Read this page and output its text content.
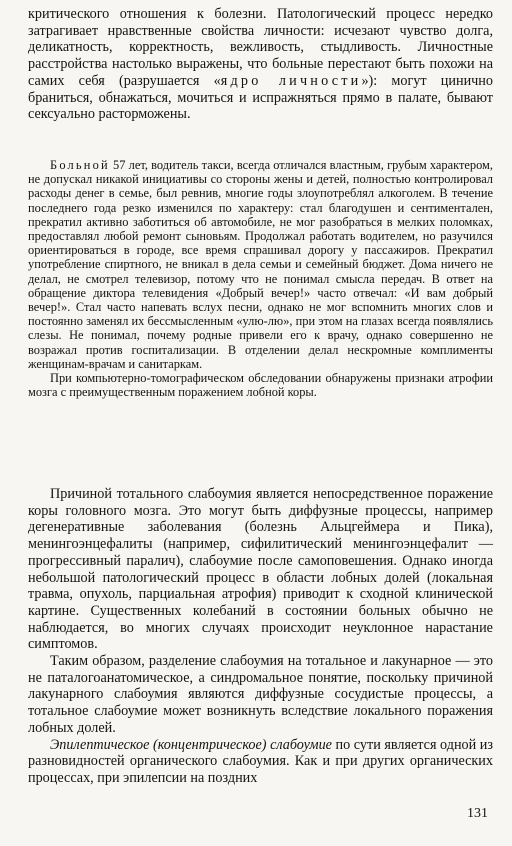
критического отношения к болезни. Патологический процесс нередко затрагивает нравственные свойства личности: исчезают чувство долга, деликатность, корректность, вежливость, стыдливость. Личностные расстройства настолько выражены, что больные перестают быть похожи на самих себя (разрушается «ядро личности»): могут цинично браниться, обнажаться, мочиться и испражняться прямо в палате, бывают сексуально расторможены.

Больной 57 лет, водитель такси, всегда отличался властным, грубым характером, не допускал никакой инициативы со стороны жены и детей, полностью контролировал расходы денег в семье, был ревнив, многие годы злоупотреблял алкоголем. В течение последнего года резко изменился по характеру: стал благодушен и сентиментален, прекратил активно заботиться об автомобиле, не мог разобраться в мелких поломках, предоставлял любой ремонт сыновьям. Продолжал работать водителем, но разучился ориентироваться в городе, все время спрашивал дорогу у пассажиров. Прекратил употребление спиртного, не вникал в дела семьи и семейный бюджет. Дома ничего не делал, не смотрел телевизор, потому что не понимал смысла передач. В ответ на обращение диктора телевидения «Добрый вечер!» часто отвечал: «И вам добрый вечер!». Стал часто напевать вслух песни, однако не мог вспомнить многих слов и постоянно заменял их бессмысленным «улю-лю», при этом на глазах всегда появлялись слезы. Не понимал, почему родные привели его к врачу, однако совершенно не возражал против госпитализации. В отделении делал нескромные комплименты женщинам-врачам и санитаркам.

При компьютерно-томографическом обследовании обнаружены признаки атрофии мозга с преимущественным поражением лобной коры.

Причиной тотального слабоумия является непосредственное поражение коры головного мозга. Это могут быть диффузные процессы, например дегенеративные заболевания (болезнь Альцгеймера и Пика), менингоэнцефалиты (например, сифилитический менингоэнцефалит — прогрессивный паралич), слабоумие после самоповешения. Однако иногда небольшой патологический процесс в области лобных долей (локальная травма, опухоль, парциальная атрофия) приводит к сходной клинической картине. Существенных колебаний в состоянии больных обычно не наблюдается, во многих случаях происходит неуклонное нарастание симптомов.

Таким образом, разделение слабоумия на тотальное и лакунарное — это не паталогоанатомическое, а синдромальное понятие, поскольку причиной лакунарного слабоумия являются диффузные сосудистые процессы, а тотальное слабоумие может возникнуть вследствие локального поражения лобных долей.

Эпилептическое (концентрическое) слабоумие по сути является одной из разновидностей органического слабоумия. Как и при других органических процессах, при эпилепсии на поздних

131
